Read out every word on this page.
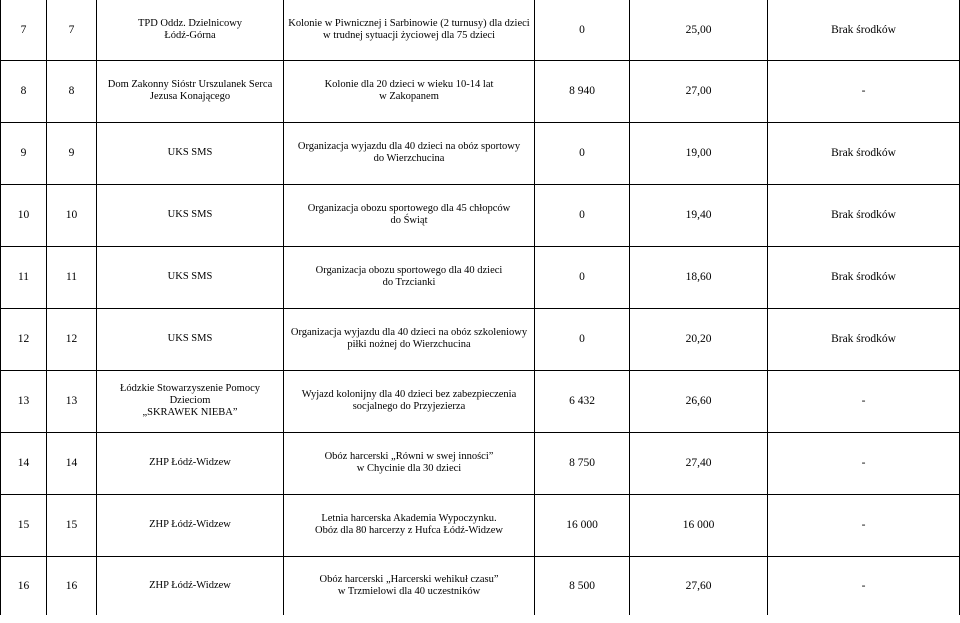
7	7	TPD Oddz. Dzielnicowy
Łódź-Górna	Kolonie w Piwnicznej i Sarbinowie (2 turnusy) dla dzieci
w trudnej sytuacji życiowej dla 75 dzieci	0	25,00	Brak środków

8	8	Dom Zakonny Sióstr Urszulanek Serca
Jezusa Konającego	Kolonie dla 20 dzieci w wieku 10-14 lat
w Zakopanem	8 940	27,00	-

9	9	UKS SMS	Organizacja wyjazdu dla 40 dzieci na obóz sportowy
do Wierzchucina	0	19,00	Brak środków

10	10	UKS SMS	Organizacja obozu sportowego dla 45 chłopców
do Świąt	0	19,40	Brak środków

11	11	UKS SMS	Organizacja obozu sportowego dla 40 dzieci
do Trzcianki	0	18,60	Brak środków

12	12	UKS SMS	Organizacja wyjazdu dla 40 dzieci na obóz szkoleniowy
piłki nożnej do Wierzchucina	0	20,20	Brak środków

13	13	Łódzkie Stowarzyszenie Pomocy Dzieciom
„SKRAWEK NIEBA”	Wyjazd kolonijny dla 40 dzieci bez zabezpieczenia
socjalnego do Przyjezierza	6 432	26,60	-

14	14	ZHP Łódź-Widzew	Obóz harcerski „Równi w swej inności”
w Chycinie dla 30 dzieci	8 750	27,40	-

15	15	ZHP Łódź-Widzew	Letnia harcerska Akademia Wypoczynku.
Obóz dla 80 harcerzy z Hufca Łódź-Widzew	16 000	16 000	-

16	16	ZHP Łódź-Widzew	Obóz harcerski „Harcerski wehikuł czasu”
w Trzmielowi dla 40 uczestników	8 500	27,60	-
